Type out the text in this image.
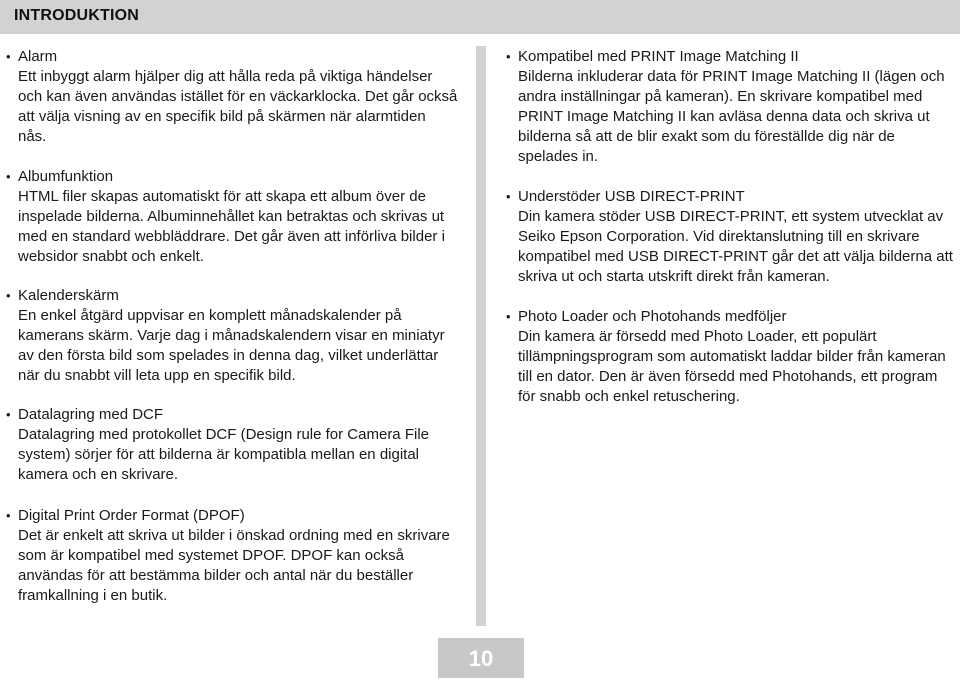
INTRODUKTION
• Alarm
Ett inbyggt alarm hjälper dig att hålla reda på viktiga händelser och kan även användas istället för en väckarklocka. Det går också att välja visning av en specifik bild på skärmen när alarmtiden nås.
• Albumfunktion
HTML filer skapas automatiskt för att skapa ett album över de inspelade bilderna. Albuminnehållet kan betraktas och skrivas ut med en standard webbläddrare. Det går även att införliva bilder i websidor snabbt och enkelt.
• Kalenderskärm
En enkel åtgärd uppvisar en komplett månadskalender på kamerans skärm. Varje dag i månadskalendern visar en miniatyr av den första bild som spelades in denna dag, vilket underlättar när du snabbt vill leta upp en specifik bild.
• Datalagring med DCF
Datalagring med protokollet DCF (Design rule for Camera File system) sörjer för att bilderna är kompatibla mellan en digital kamera och en skrivare.
• Digital Print Order Format (DPOF)
Det är enkelt att skriva ut bilder i önskad ordning med en skrivare som är kompatibel med systemet DPOF. DPOF kan också användas för att bestämma bilder och antal när du beställer framkallning i en butik.
• Kompatibel med PRINT Image Matching II
Bilderna inkluderar data för PRINT Image Matching II (lägen och andra inställningar på kameran). En skrivare kompatibel med PRINT Image Matching II kan avläsa denna data och skriva ut bilderna så att de blir exakt som du föreställde dig när de spelades in.
• Understöder USB DIRECT-PRINT
Din kamera stöder USB DIRECT-PRINT, ett system utvecklat av Seiko Epson Corporation. Vid direktanslutning till en skrivare kompatibel med USB DIRECT-PRINT går det att välja bilderna att skriva ut och starta utskrift direkt från kameran.
• Photo Loader och Photohands medföljer
Din kamera är försedd med Photo Loader, ett populärt tillämpningsprogram som automatiskt laddar bilder från kameran till en dator. Den är även försedd med Photohands, ett program för snabb och enkel retuschering.
10
